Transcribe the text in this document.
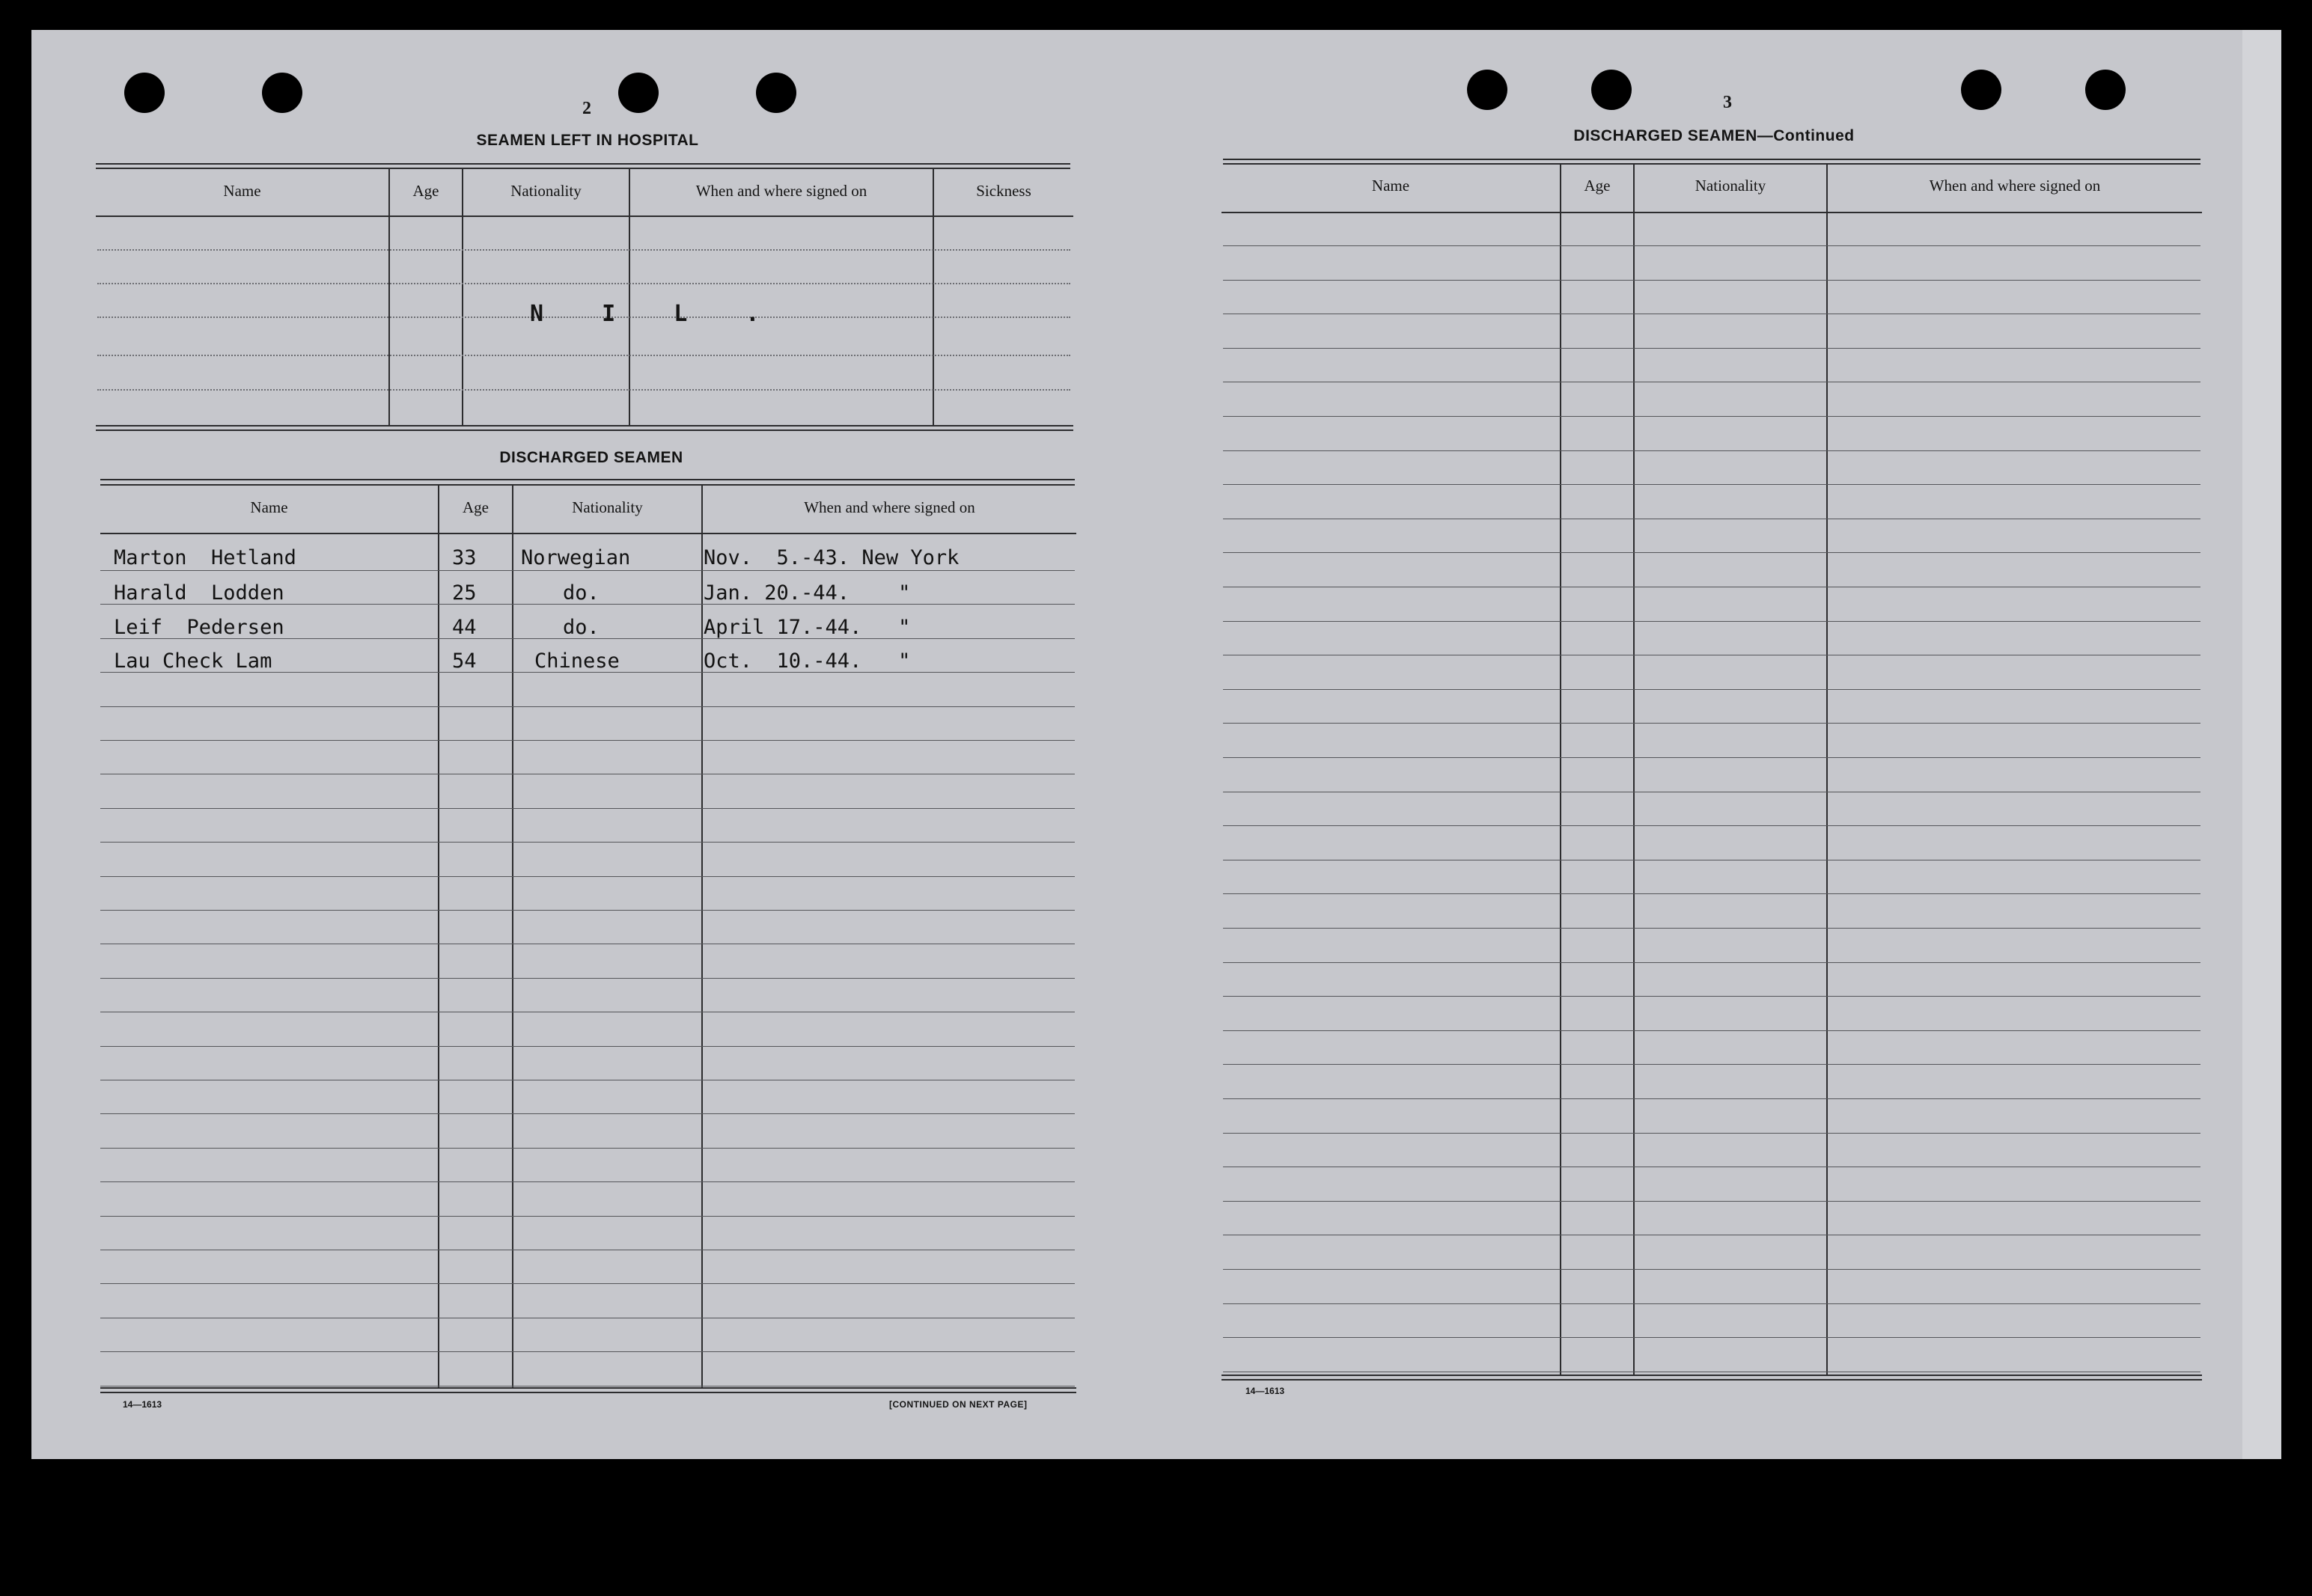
2
SEAMEN LEFT IN HOSPITAL
Name	Age	Nationality	When and where signed on	Sickness
N I L .
DISCHARGED SEAMEN
Name	Age	Nationality	When and where signed on
Marton  Hetland	33 Norwegian	Nov.  5.-43. New York
Harald  Lodden	25	do.	Jan. 20.-44.    "
Leif  Pedersen	44	do.	April 17.-44.   "
Lau Check Lam	54	Chinese	Oct.  10.-44.   "
14—1613	[CONTINUED ON NEXT PAGE]
3
DISCHARGED SEAMEN—Continued
Name	Age	Nationality	When and where signed on
14—1613
